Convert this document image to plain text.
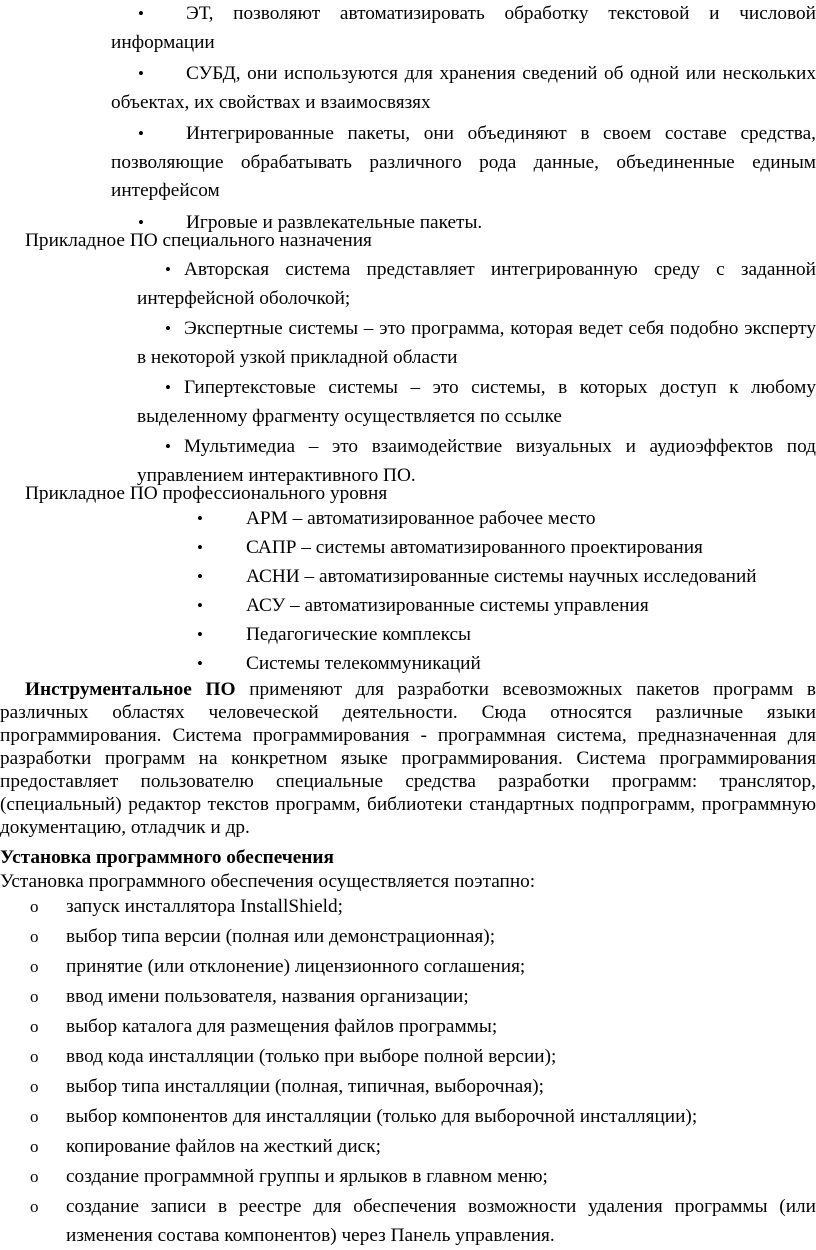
•	ЭТ, позволяют автоматизировать обработку текстовой и числовой информации

•	СУБД, они используются для хранения сведений об одной или нескольких объектах, их свойствах и взаимосвязях

•	Интегрированные пакеты, они объединяют в своем составе средства, позволяющие обрабатывать различного рода данные, объединенные единым интерфейсом

•	Игровые и развлекательные пакеты.

Прикладное ПО специального назначения

• Авторская система представляет интегрированную среду с заданной интерфейсной оболочкой;

• Экспертные системы – это программа, которая ведет себя подобно эксперту в некоторой узкой прикладной области

• Гипертекстовые системы – это системы, в которых доступ к любому выделенному фрагменту осуществляется по ссылке

• Мультимедиа – это взаимодействие визуальных и аудиоэффектов под управлением интерактивного ПО.

Прикладное ПО профессионального уровня

•	АРМ – автоматизированное рабочее место

•	САПР – системы автоматизированного проектирования

•	АСНИ – автоматизированные системы научных исследований

•	АСУ – автоматизированные системы управления

•	Педагогические комплексы

•	Системы телекоммуникаций

Инструментальное ПО применяют для разработки всевозможных пакетов программ в различных областях человеческой деятельности. Сюда относятся различные языки программирования. Система программирования - программная система, предназначенная для разработки программ на конкретном языке программирования. Система программирования предоставляет пользователю специальные средства разработки программ: транслятор, (специальный) редактор текстов программ, библиотеки стандартных подпрограмм, программную документацию, отладчик и др.

Установка программного обеспечения

Установка программного обеспечения осуществляется поэтапно:

o	запуск инсталлятора InstallShield;

o	выбор типа версии (полная или демонстрационная);

o	принятие (или отклонение) лицензионного соглашения;

o	ввод имени пользователя, названия организации;

o	выбор каталога для размещения файлов программы;

o	ввод кода инсталляции (только при выборе полной версии);

o	выбор типа инсталляции (полная, типичная, выборочная);

o	выбор компонентов для инсталляции (только для выборочной инсталляции);

o	копирование файлов на жесткий диск;

o	создание программной группы и ярлыков в главном меню;

o	создание записи в реестре для обеспечения возможности удаления программы (или изменения состава компонентов) через Панель управления.
